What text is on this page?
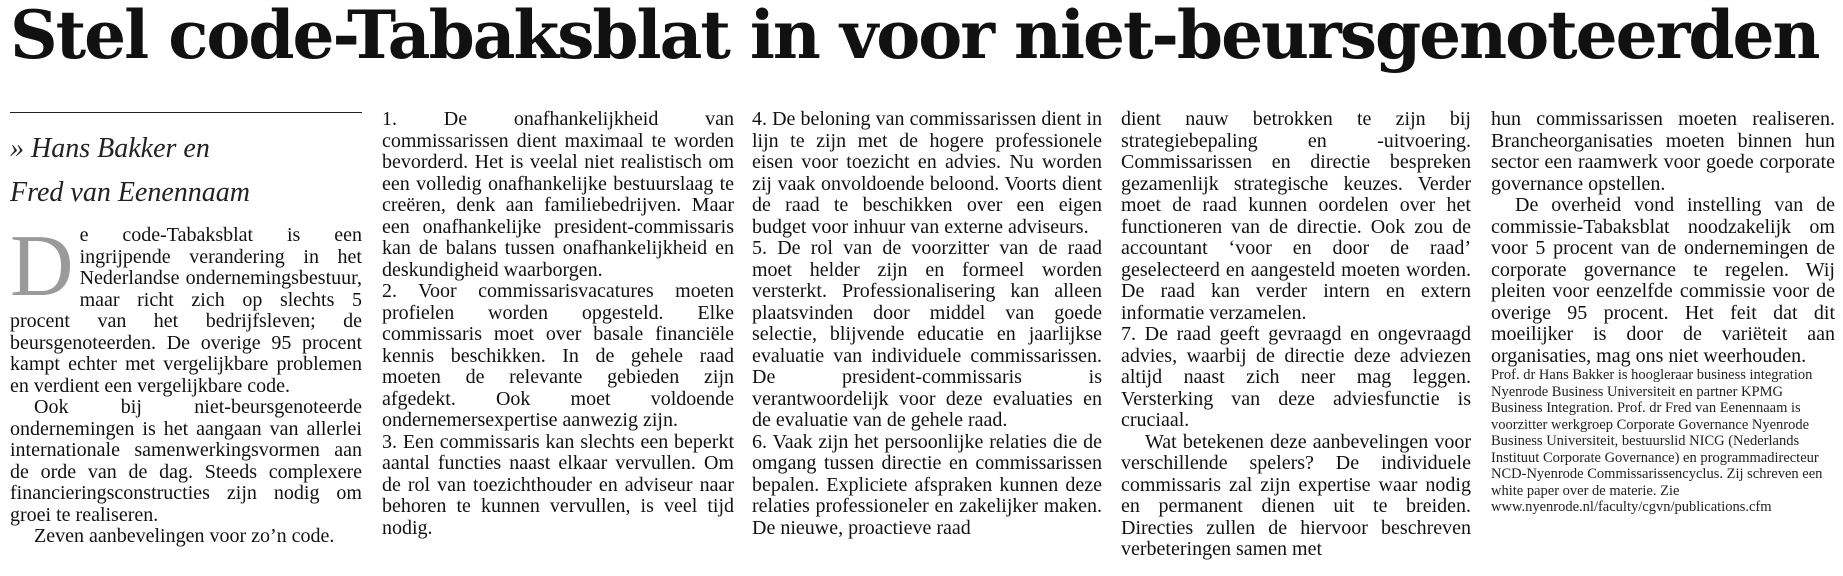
Stel code-Tabaksblat in voor niet-beursgenoteerden
» Hans Bakker en
Fred van Eenennaam

De code-Tabaksblat is een ingrijpende verandering in het Nederlandse ondernemingsbestuur, maar richt zich op slechts 5 procent van het bedrijfsleven; de beursgenoteerden. De overige 95 procent kampt echter met vergelijkbare problemen en verdient een vergelijkbare code.

Ook bij niet-beursgenoteerde ondernemingen is het aangaan van allerlei internationale samenwerkingsvormen aan de orde van de dag. Steeds complexere financieringsconstructies zijn nodig om groei te realiseren.

Zeven aanbevelingen voor zo’n code.

1. De onafhankelijkheid van commissarissen dient maximaal te worden bevorderd. Het is veelal niet realistisch om een volledig onafhankelijke bestuurslaag te creëren, denk aan familiebedrijven. Maar een onafhankelijke president-commissaris kan de balans tussen onafhankelijkheid en deskundigheid waarborgen.

2. Voor commissarisvacatures moeten profielen worden opgesteld. Elke commissaris moet over basale financiële kennis beschikken. In de gehele raad moeten de relevante gebieden zijn afgedekt. Ook moet voldoende ondernemersexpertise aanwezig zijn.

3. Een commissaris kan slechts een beperkt aantal functies naast elkaar vervullen. Om de rol van toezichthouder en adviseur naar behoren te kunnen vervullen, is veel tijd nodig.

4. De beloning van commissarissen dient in lijn te zijn met de hogere professionele eisen voor toezicht en advies. Nu worden zij vaak onvoldoende beloond. Voorts dient de raad te beschikken over een eigen budget voor inhuur van externe adviseurs.

5. De rol van de voorzitter van de raad moet helder zijn en formeel worden versterkt. Professionalisering kan alleen plaatsvinden door middel van goede selectie, blijvende educatie en jaarlijkse evaluatie van individuele commissarissen. De president-commissaris is verantwoordelijk voor deze evaluaties en de evaluatie van de gehele raad.

6. Vaak zijn het persoonlijke relaties die de omgang tussen directie en commissarissen bepalen. Expliciete afspraken kunnen deze relaties professioneler en zakelijker maken. De nieuwe, proactieve raad

dient nauw betrokken te zijn bij strategiebepaling en -uitvoering. Commissarissen en directie bespreken gezamenlijk strategische keuzes. Verder moet de raad kunnen oordelen over het functioneren van de directie. Ook zou de accountant ‘voor en door de raad’ geselecteerd en aangesteld moeten worden. De raad kan verder intern en extern informatie verzamelen.

7. De raad geeft gevraagd en ongevraagd advies, waarbij de directie deze adviezen altijd naast zich neer mag leggen. Versterking van deze adviesfunctie is cruciaal.

Wat betekenen deze aanbevelingen voor verschillende spelers? De individuele commissaris zal zijn expertise waar nodig en permanent dienen uit te breiden. Directies zullen de hiervoor beschreven verbeteringen samen met

hun commissarissen moeten realiseren. Brancheorganisaties moeten binnen hun sector een raamwerk voor goede corporate governance opstellen.

De overheid vond instelling van de commissie-Tabaksblat noodzakelijk om voor 5 procent van de ondernemingen de corporate governance te regelen. Wij pleiten voor eenzelfde commissie voor de overige 95 procent. Het feit dat dit moeilijker is door de variëteit aan organisaties, mag ons niet weerhouden.

Prof. dr Hans Bakker is hoogleraar business integration Nyenrode Business Universiteit en partner KPMG Business Integration. Prof. dr Fred van Eenennaam is voorzitter werkgroep Corporate Governance Nyenrode Business Universiteit, bestuurslid NICG (Nederlands Instituut Corporate Governance) en programmadirecteur NCD-Nyenrode Commissarissencyclus. Zij schreven een white paper over de materie. Zie www.nyenrode.nl/faculty/cgvn/publications.cfm
